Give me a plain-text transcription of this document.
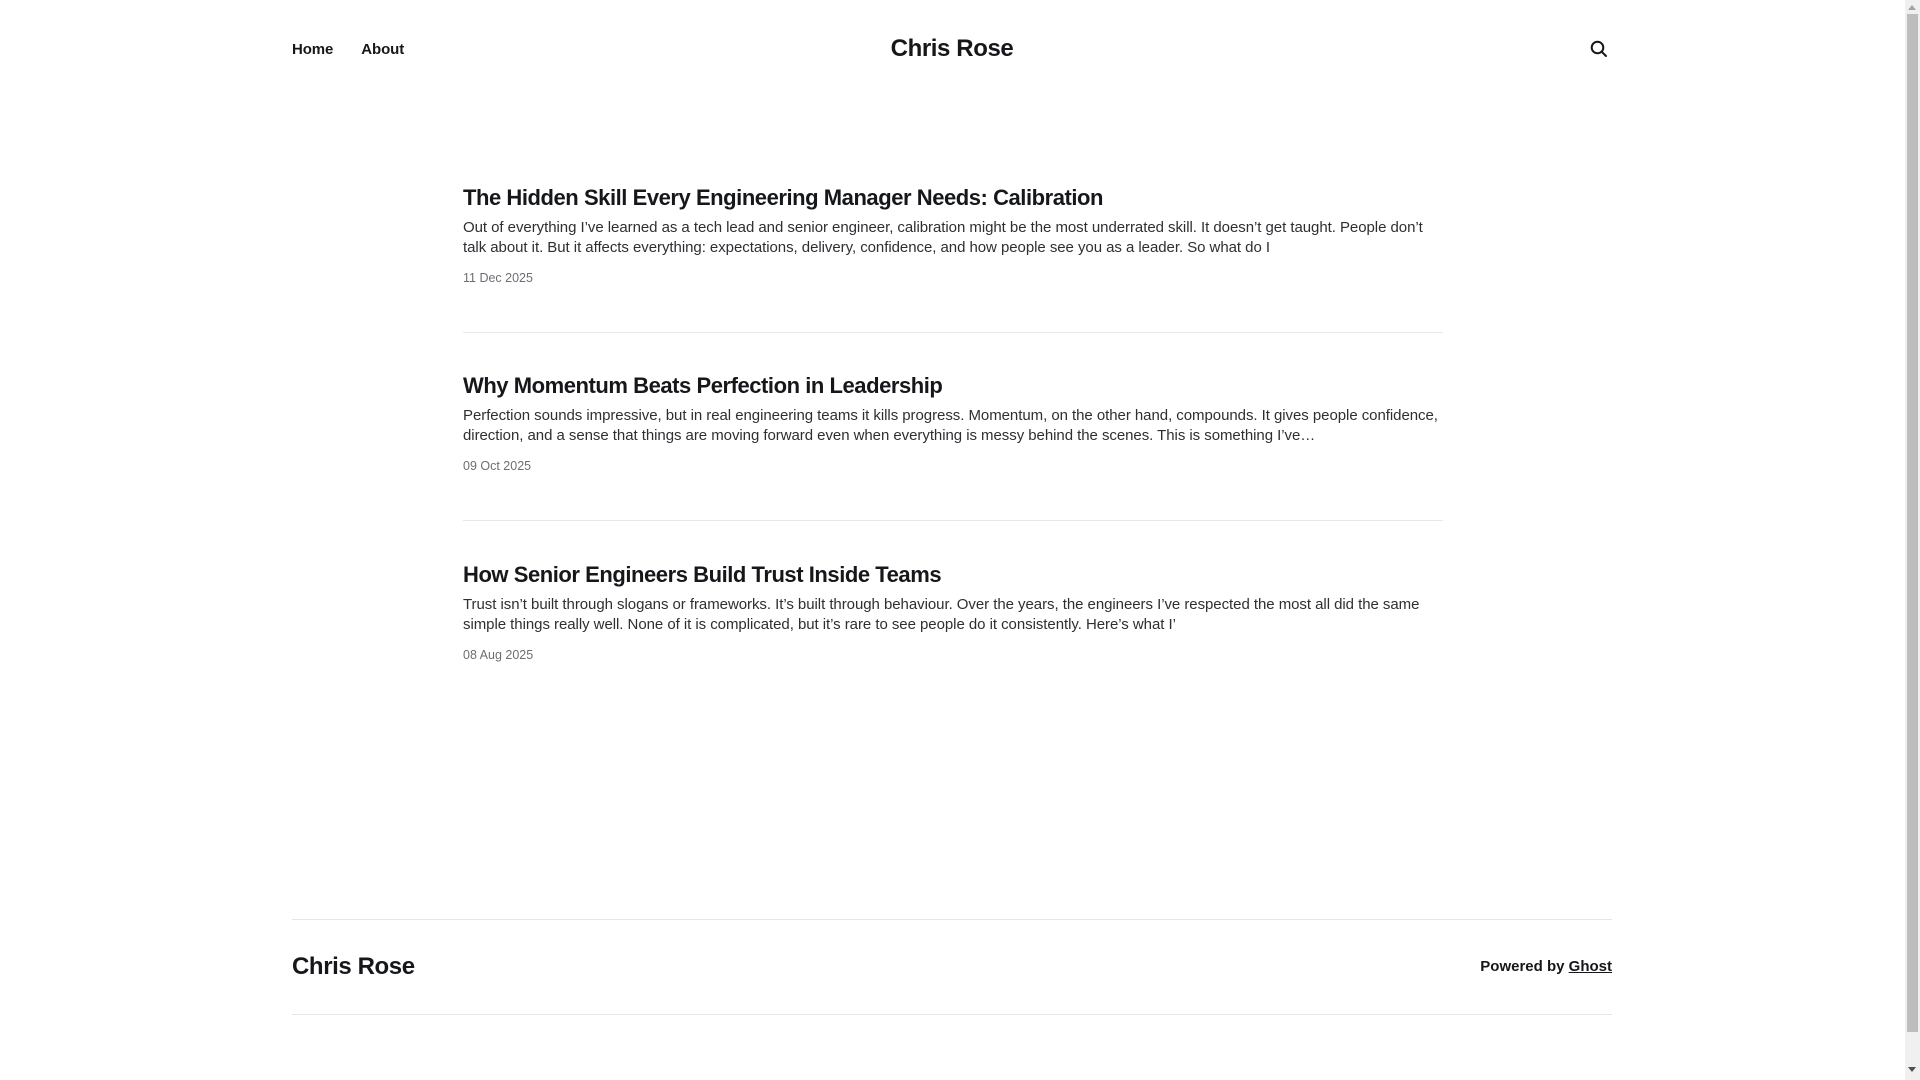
Home About	Chris Rose
The Hidden Skill Every Engineering Manager Needs: Calibration

Out of everything I’ve learned as a tech lead and senior engineer, calibration might be the most underrated skill. It doesn’t get taught. People don’t talk about it. But it affects everything: expectations, delivery, confidence, and how people see you as a leader. So what do I

11 Dec 2025
Why Momentum Beats Perfection in Leadership

Perfection sounds impressive, but in real engineering teams it kills progress. Momentum, on the other hand, compounds. It gives people confidence, direction, and a sense that things are moving forward even when everything is messy behind the scenes. This is something I’ve…

09 Oct 2025
How Senior Engineers Build Trust Inside Teams

Trust isn’t built through slogans or frameworks. It’s built through behaviour. Over the years, the engineers I’ve respected the most all did the same simple things really well. None of it is complicated, but it’s rare to see people do it consistently. Here’s what I’

08 Aug 2025
Chris Rose	Powered by Ghost
